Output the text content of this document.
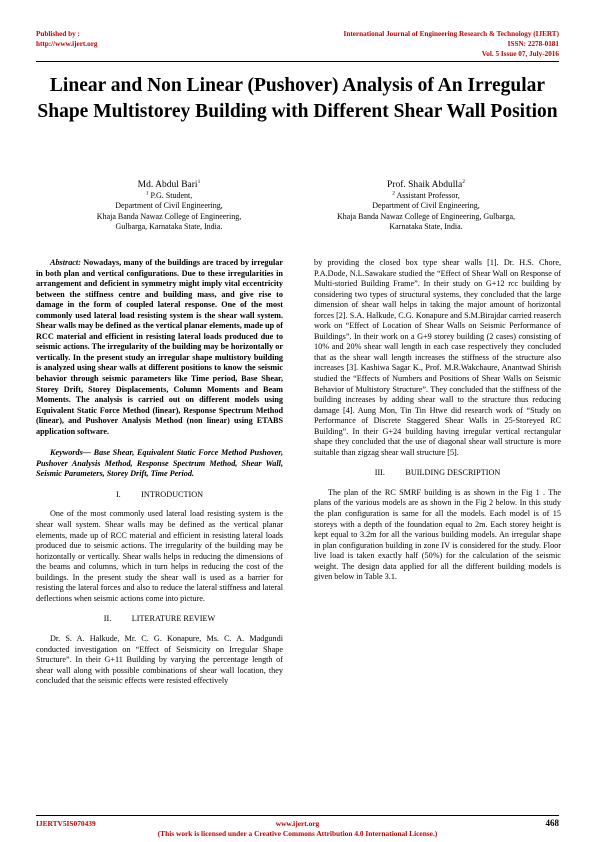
Published by :
http://www.ijert.org
International Journal of Engineering Research & Technology (IJERT)
ISSN: 2278-0181
Vol. 5 Issue 07, July-2016
Linear and Non Linear (Pushover) Analysis of An Irregular Shape Multistorey Building with Different Shear Wall Position
Md. Abdul Bari$^1$
$^1$ P.G. Student,
Department of Civil Engineering,
Khaja Banda Nawaz College of Engineering,
Gulbarga, Karnataka State, India.
Prof. Shaik Abdulla$^2$
$^2$ Assistant Professor,
Department of Civil Engineering,
Khaja Banda Nawaz College of Engineering, Gulbarga,
Karnataka State, India.

Abstract: Nowadays, many of the buildings are traced by irregular in both plan and vertical configurations. Due to these irregularities in arrangement and deficient in symmetry might imply vital eccentricity between the stiffness centre and building mass, and give rise to damage in the form of coupled lateral response. One of the most commonly used lateral load resisting system is the shear wall system. Shear walls may be defined as the vertical planar elements, made up of RCC material and efficient in resisting lateral loads produced due to seismic actions. The irregularity of the building may be horizontally or vertically. In the present study an irregular shape multistory building is analyzed using shear walls at different positions to know the seismic behavior through seismic parameters like Time period, Base Shear, Storey Drift, Storey Displacements, Column Moments and Beam Moments. The analysis is carried out on different models using Equivalent Static Force Method (linear), Response Spectrum Method (linear), and Pushover Analysis Method (non linear) using ETABS application software.

Keywords— Base Shear, Equivalent Static Force Method Pushover, Pushover Analysis Method, Response Spectrum Method, Shear Wall, Seismic Parameters, Storey Drift, Time Period.

I.          INTRODUCTION

One of the most commonly used lateral load resisting system is the shear wall system. Shear walls may be defined as the vertical planar elements, made up of RCC material and efficient in resisting lateral loads produced due to seismic actions. The irregularity of the building may be horizontally or vertically. Shear walls helps in reducing the dimensions of the beams and columns, which in turn helps in reducing the cost of the buildings. In the present study the shear wall is used as a barrier for resisting the lateral forces and also to reduce the lateral stiffness and lateral deflections when seismic actions come into picture.

II.          LITERATURE REVIEW

Dr. S. A. Halkude, Mr. C. G. Konapure, Ms. C. A. Madgundi conducted investigation on “Effect of Seismicity on Irregular Shape Structure”. In their G+11 Building by varying the percentage length of shear wall along with possible combinations of shear wall location, they concluded that the seismic effects were resisted effectively

by providing the closed box type shear walls [1]. Dr. H.S. Chore, P.A.Dode, N.L.Sawakare studied the “Effect of Shear Wall on Response of Multi-storied Building Frame”. In their study on G+12 rcc building by considering two types of structural systems, they concluded that the large dimension of shear wall helps in taking the major amount of horizontal forces [2]. S.A. Halkude, C.G. Konapure and S.M.Birajdar carried reaserch work on “Effect of Location of Shear Walls on Seismic Performance of Buildings”. In their work on a G+9 storey building (2 cases) consisting of 10% and 20% shear wall length in each case respectively they concluded that as the shear wall length increases the stiffness of the structure also increases [3]. Kashiwa Sagar K., Prof. M.R.Wakchaure, Anantwad Shirish studied the “Effects of Numbers and Positions of Shear Walls on Seismic Behavior of Multistory Structure”. They concluded that the stiffness of the building increases by adding shear wall to the structure thus reducing damage [4]. Aung Mon, Tin Tin Htwe did research work of “Study on Performance of Discrete Staggered Shear Walls in 25-Storeyed RC Building”. In their G+24 building having irregular vertical rectangular shape they concluded that the use of diagonal shear wall structure is more suitable than zigzag shear wall structure [5].

III.          BUILDING DESCRIPTION

The plan of the RC SMRF building is as shown in the Fig 1 . The plans of the various models are as shown in the Fig 2 below. In this study the plan configuration is same for all the models. Each model is of 15 storeys with a depth of the foundation equal to 2m. Each storey height is kept equal to 3.2m for all the various building models. An irregular shape in plan configuration building in zone IV is considered for the study. Floor live load is taken exactly half (50%) for the calculation of the seismic weight. The design data applied for all the different building models is given below in Table 3.1.

IJERTV5IS070439	www.ijert.org
(This work is licensed under a Creative Commons Attribution 4.0 International License.)
468
